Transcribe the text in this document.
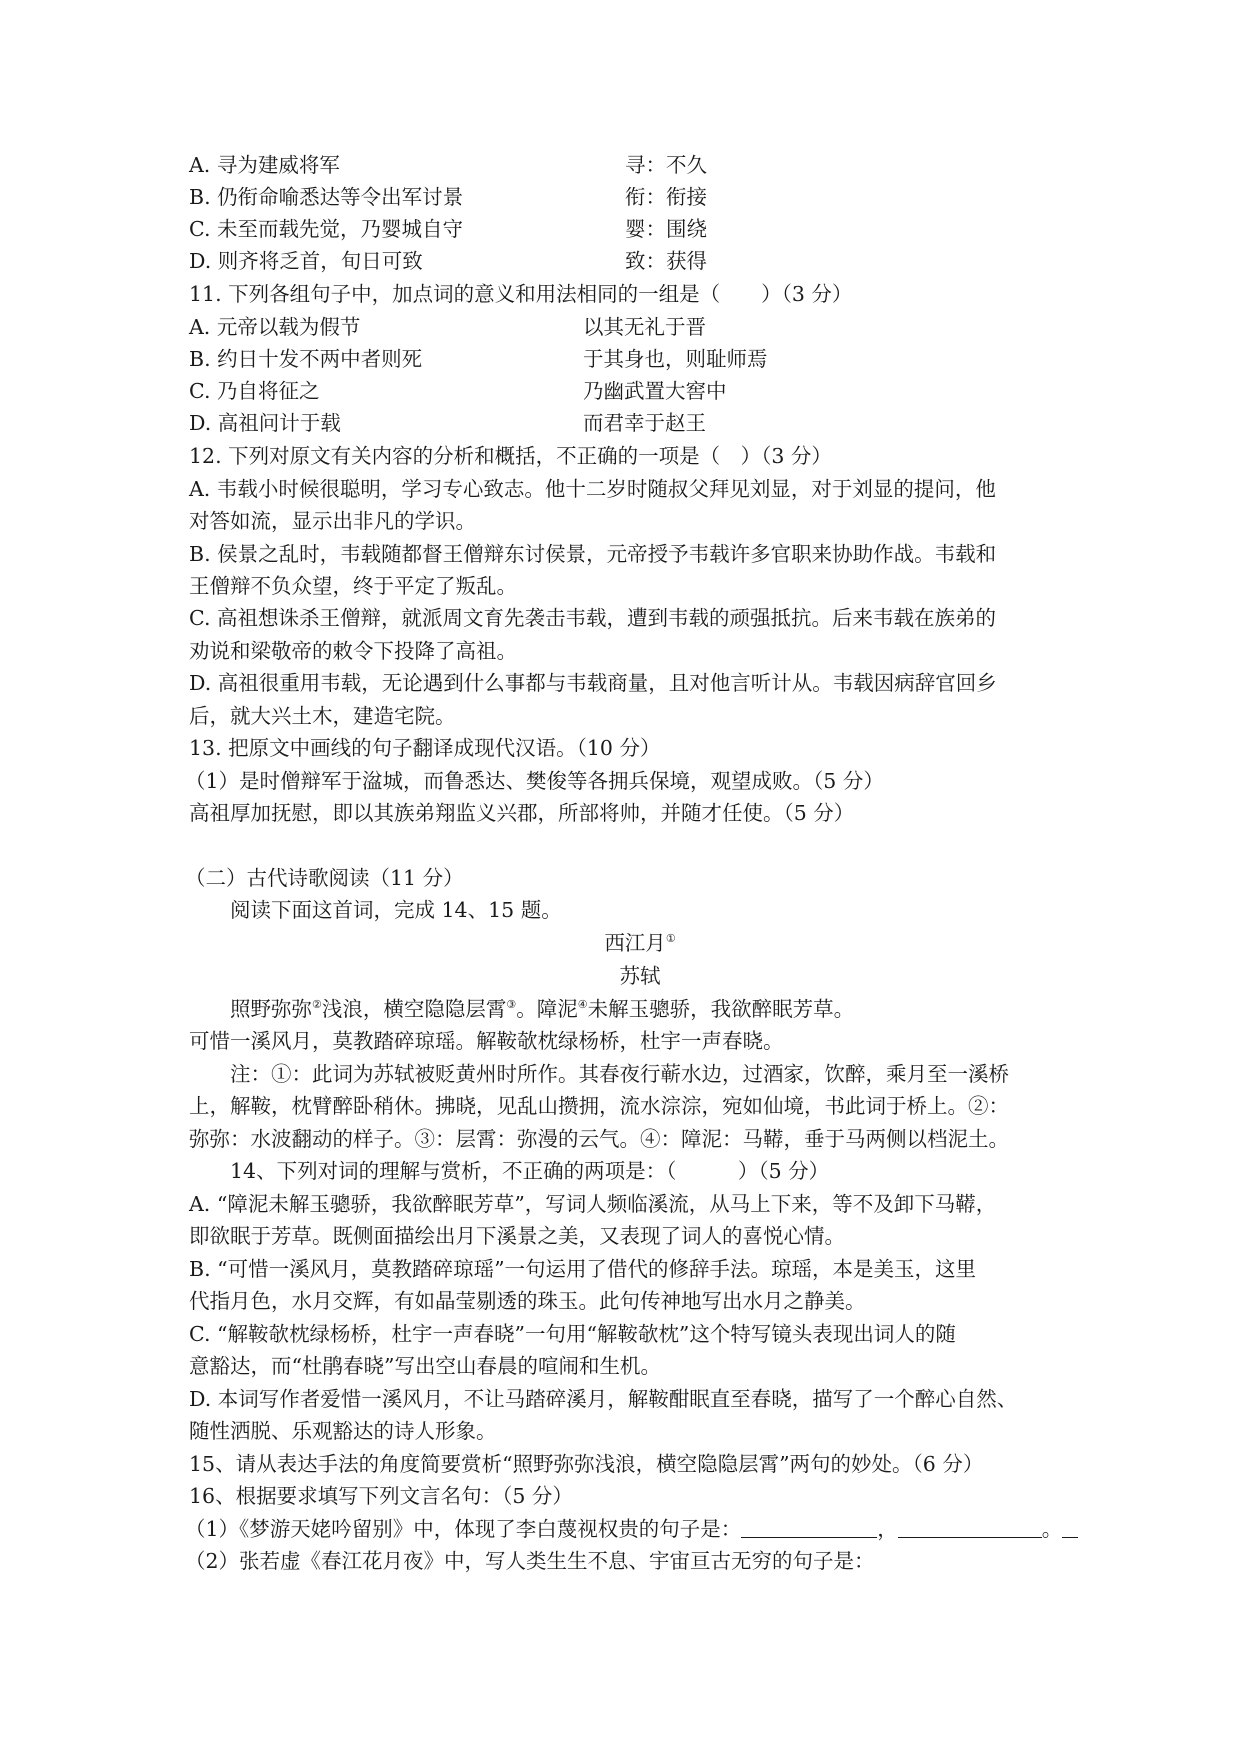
A. 寻为建威将军	寻：不久
B. 仍衔命喻悉达等令出军讨景	衔：衔接
C. 未至而载先觉，乃婴城自守	婴：围绕
D. 则齐将乏首，旬日可致	致：获得
11. 下列各组句子中，加点词的意义和用法相同的一组是（　　）（3 分）
A. 元帝以载为假节	以其无礼于晋
B. 约日十发不两中者则死	于其身也，则耻师焉
C. 乃自将征之	乃幽武置大窖中
D. 高祖问计于载	而君幸于赵王
12. 下列对原文有关内容的分析和概括，不正确的一项是（　）（3 分）
A. 韦载小时候很聪明，学习专心致志。他十二岁时随叔父拜见刘显，对于刘显的提问，他
对答如流，显示出非凡的学识。
B. 侯景之乱时，韦载随都督王僧辩东讨侯景，元帝授予韦载许多官职来协助作战。韦载和
王僧辩不负众望，终于平定了叛乱。
C. 高祖想诛杀王僧辩，就派周文育先袭击韦载，遭到韦载的顽强抵抗。后来韦载在族弟的
劝说和梁敬帝的敕令下投降了高祖。
D. 高祖很重用韦载，无论遇到什么事都与韦载商量，且对他言听计从。韦载因病辞官回乡
后，就大兴土木，建造宅院。
13. 把原文中画线的句子翻译成现代汉语。（10 分）
（1）是时僧辩军于湓城，而鲁悉达、樊俊等各拥兵保境，观望成败。（5 分）
高祖厚加抚慰，即以其族弟翔监义兴郡，所部将帅，并随才任使。（5 分）
（二）古代诗歌阅读（11 分）
阅读下面这首词，完成 14、15 题。
西江月①
苏轼
照野弥弥②浅浪，横空隐隐层霄③。障泥④未解玉骢骄，我欲醉眠芳草。
可惜一溪风月，莫教踏碎琼瑶。解鞍欹枕绿杨桥，杜宇一声春晓。
注：①：此词为苏轼被贬黄州时所作。其春夜行蕲水边，过酒家，饮醉，乘月至一溪桥
上，解鞍，枕臂醉卧稍休。拂晓，见乱山攒拥，流水淙淙，宛如仙境，书此词于桥上。②：
弥弥：水波翻动的样子。③：层霄：弥漫的云气。④：障泥：马鞯，垂于马两侧以档泥土。
14、下列对词的理解与赏析，不正确的两项是：（　　　）（5 分）
A. “障泥未解玉骢骄，我欲醉眠芳草”，写词人频临溪流，从马上下来，等不及卸下马鞯，
即欲眠于芳草。既侧面描绘出月下溪景之美，又表现了词人的喜悦心情。
B. “可惜一溪风月，莫教踏碎琼瑶”一句运用了借代的修辞手法。琼瑶，本是美玉，这里
代指月色，水月交辉，有如晶莹剔透的珠玉。此句传神地写出水月之静美。
C. “解鞍欹枕绿杨桥，杜宇一声春晓”一句用“解鞍欹枕”这个特写镜头表现出词人的随
意豁达，而“杜鹃春晓”写出空山春晨的喧闹和生机。
D. 本词写作者爱惜一溪风月，不让马踏碎溪月，解鞍酣眠直至春晓，描写了一个醉心自然、
随性洒脱、乐观豁达的诗人形象。
15、请从表达手法的角度简要赏析“照野弥弥浅浪，横空隐隐层霄”两句的妙处。（6 分）
16、根据要求填写下列文言名句：（5 分）
（1）《梦游天姥吟留别》中，体现了李白蔑视权贵的句子是：	，	。
（2）张若虚《春江花月夜》中，写人类生生不息、宇宙亘古无穷的句子是：
